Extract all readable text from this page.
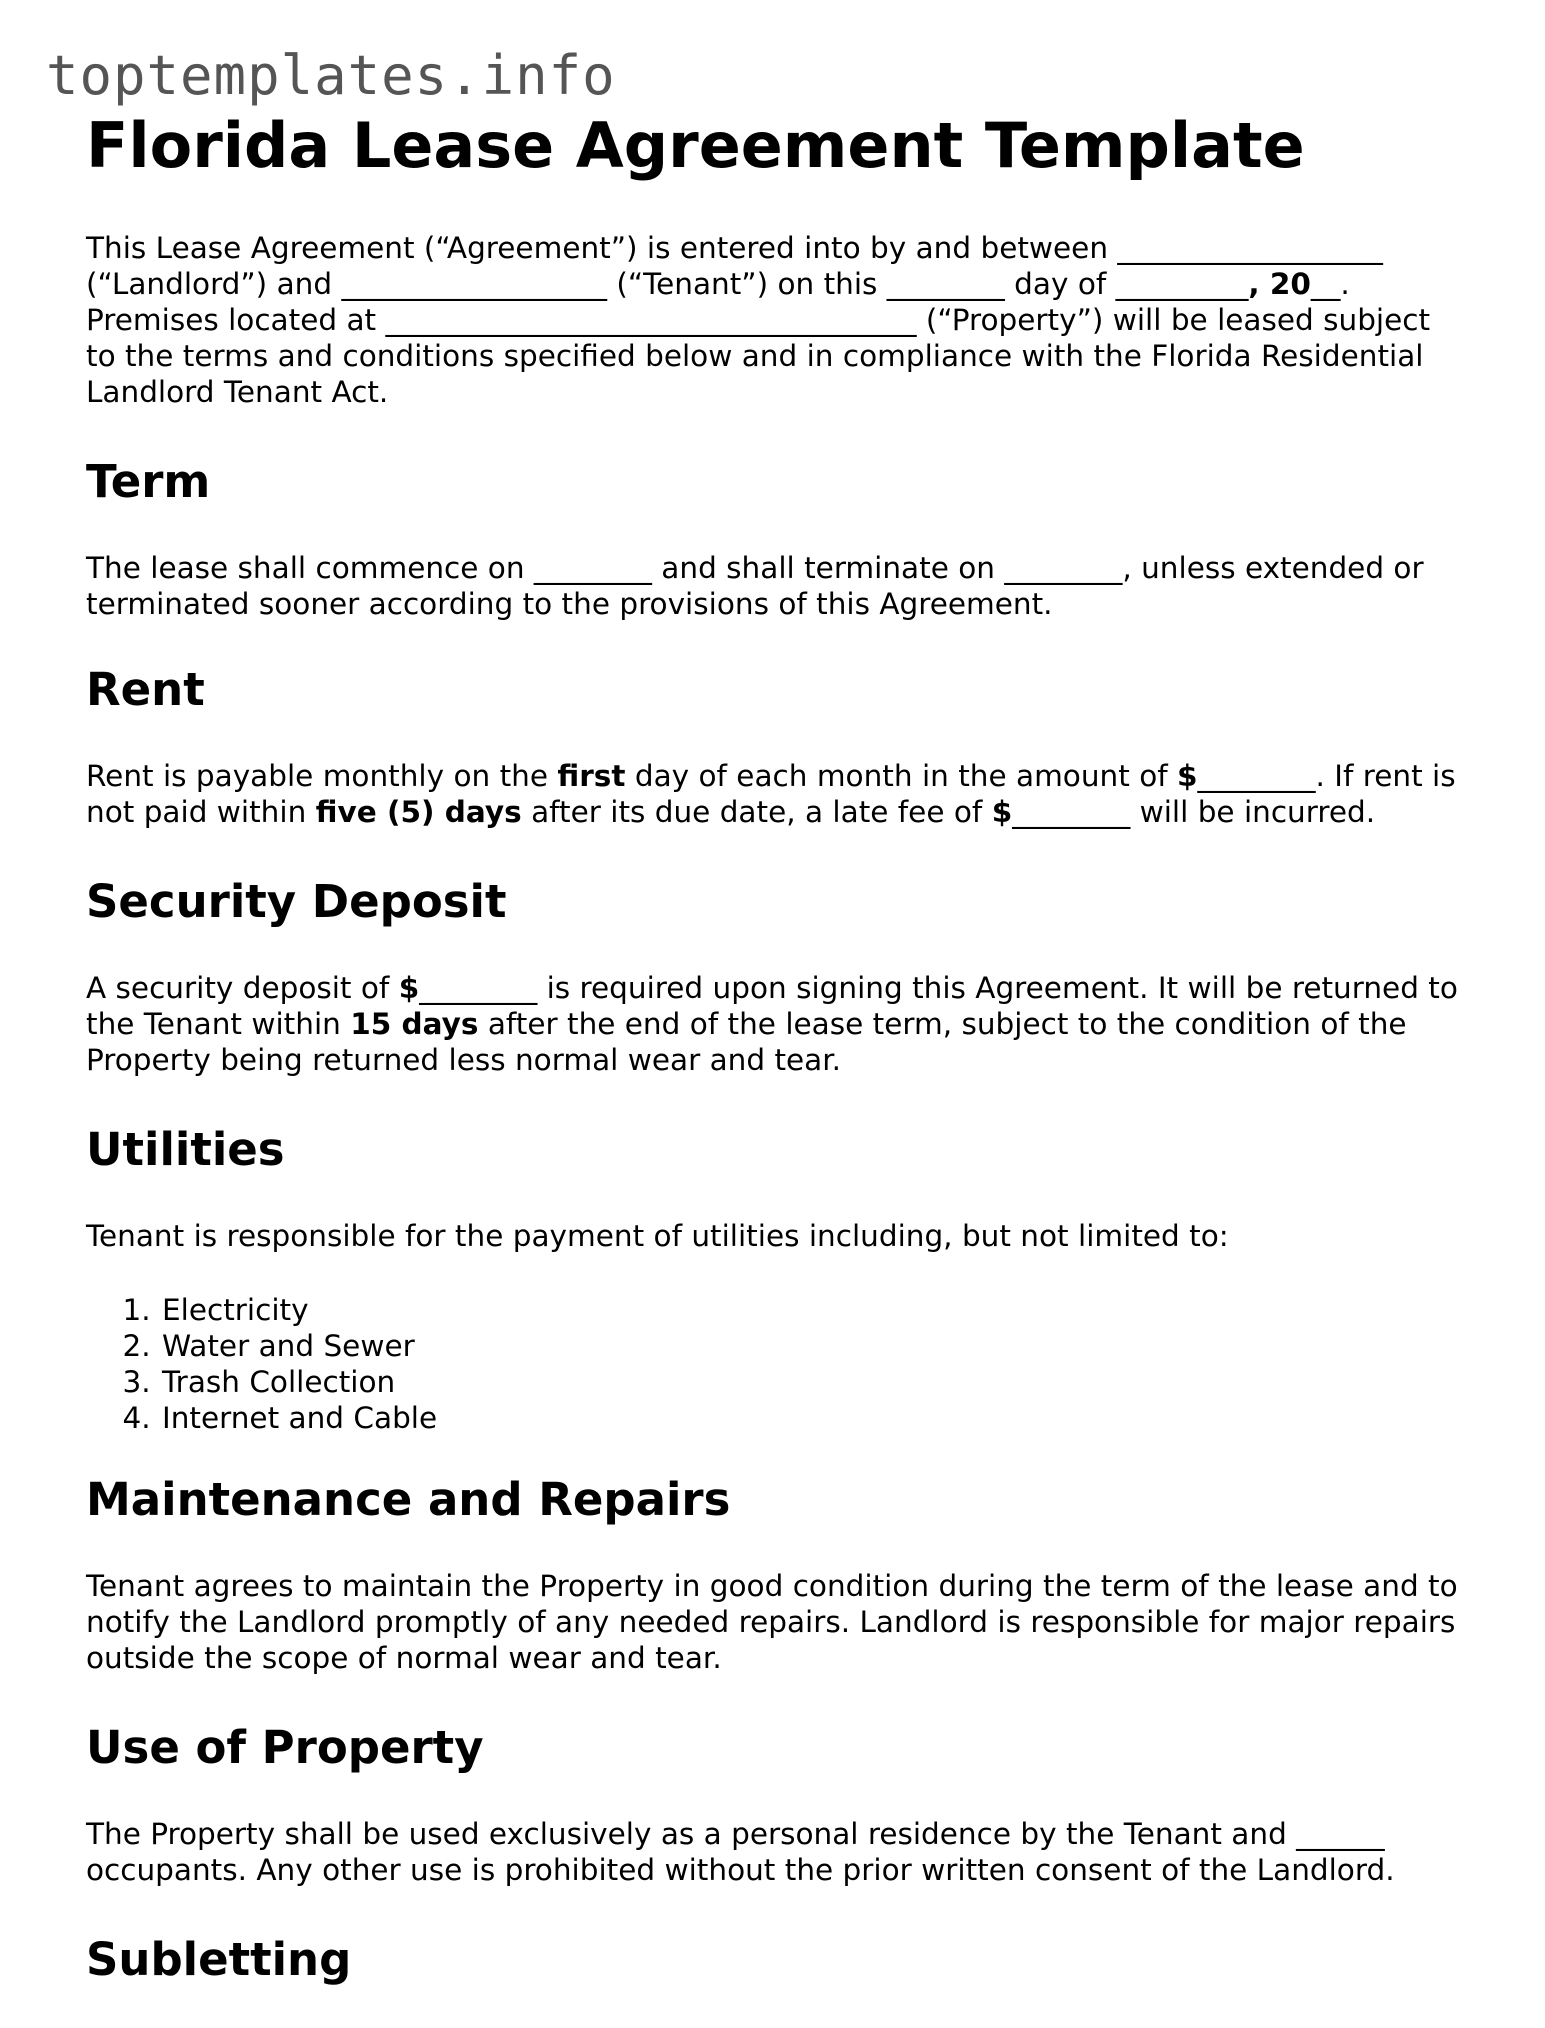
toptemplates.info
Florida Lease Agreement Template

This Lease Agreement (“Agreement”) is entered into by and between __________________ (“Landlord”) and __________________ (“Tenant”) on this ________ day of _________, 20__. Premises located at ____________________________________ (“Property”) will be leased subject to the terms and conditions specified below and in compliance with the Florida Residential Landlord Tenant Act.

Term

The lease shall commence on ________ and shall terminate on ________, unless extended or terminated sooner according to the provisions of this Agreement.

Rent

Rent is payable monthly on the first day of each month in the amount of $________. If rent is not paid within five (5) days after its due date, a late fee of $________ will be incurred.

Security Deposit

A security deposit of $________ is required upon signing this Agreement. It will be returned to the Tenant within 15 days after the end of the lease term, subject to the condition of the Property being returned less normal wear and tear.

Utilities

Tenant is responsible for the payment of utilities including, but not limited to:

1. Electricity
2. Water and Sewer
3. Trash Collection
4. Internet and Cable
Maintenance and Repairs

Tenant agrees to maintain the Property in good condition during the term of the lease and to notify the Landlord promptly of any needed repairs. Landlord is responsible for major repairs outside the scope of normal wear and tear.

Use of Property

The Property shall be used exclusively as a personal residence by the Tenant and ______ occupants. Any other use is prohibited without the prior written consent of the Landlord.

Subletting
